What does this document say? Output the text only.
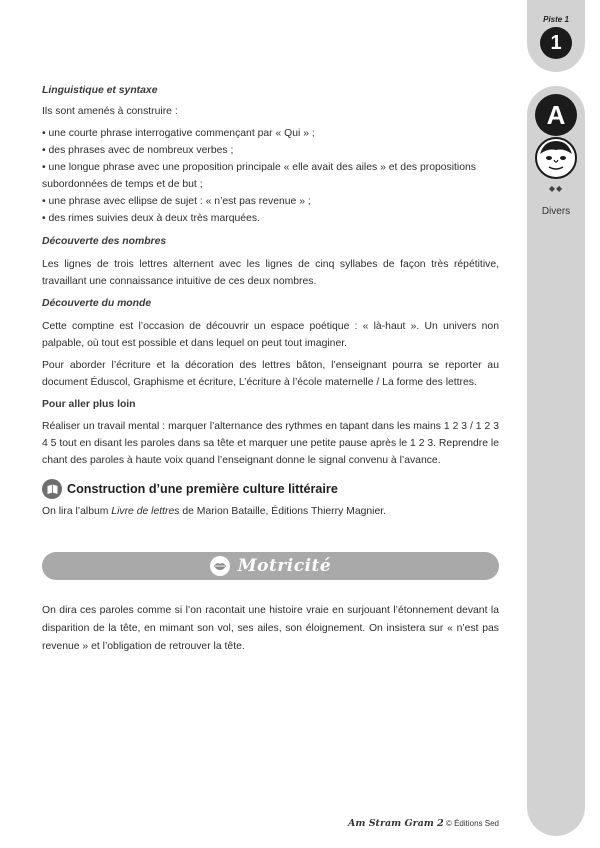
Piste 1
1
A
◆◆
Divers

Linguistique et syntaxe

Ils sont amenés à construire :

• une courte phrase interrogative commençant par « Qui » ;
• des phrases avec de nombreux verbes ;
• une longue phrase avec une proposition principale « elle avait des ailes » et des propositions subordonnées de temps et de but ;
• une phrase avec ellipse de sujet : « n’est pas revenue » ;
• des rimes suivies deux à deux très marquées.

Découverte des nombres

Les lignes de trois lettres alternent avec les lignes de cinq syllabes de façon très répétitive, travaillant une connaissance intuitive de ces deux nombres.

Découverte du monde

Cette comptine est l’occasion de découvrir un espace poétique : « là-haut ». Un univers non palpable, où tout est possible et dans lequel on peut tout imaginer.

Pour aborder l’écriture et la décoration des lettres bâton, l’enseignant pourra se reporter au document Éduscol, Graphisme et écriture, L’écriture à l’école maternelle / La forme des lettres.

Pour aller plus loin

Réaliser un travail mental : marquer l’alternance des rythmes en tapant dans les mains 1 2 3 / 1 2 3 4 5 tout en disant les paroles dans sa tête et marquer une petite pause après le 1 2 3. Reprendre le chant des paroles à haute voix quand l’enseignant donne le signal convenu à l’avance.

Construction d’une première culture littéraire

On lira l’album Livre de lettres de Marion Bataille, Éditions Thierry Magnier.

Motricité

On dira ces paroles comme si l’on racontait une histoire vraie en surjouant l’étonnement devant la disparition de la tête, en mimant son vol, ses ailes, son éloignement. On insistera sur « n’est pas revenue » et l’obligation de retrouver la tête.

Am Stram Gram 2 © Éditions Sed
